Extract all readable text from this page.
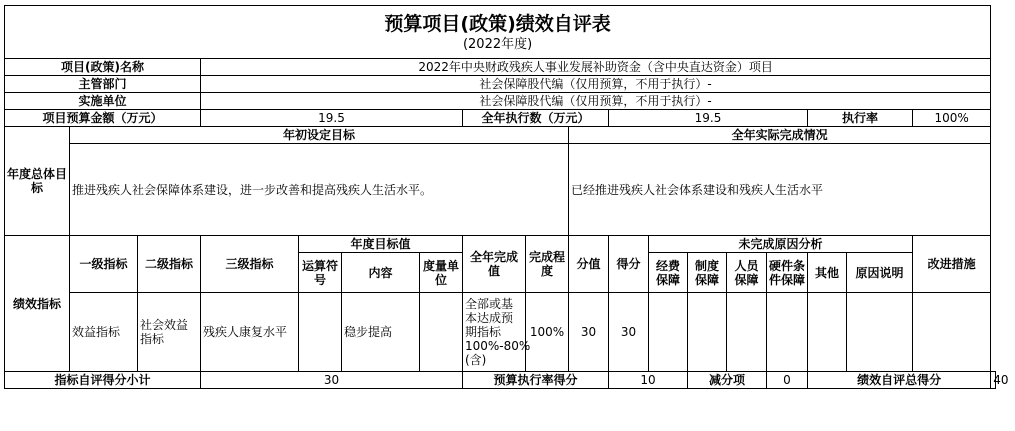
预算项目(政策)绩效自评表
(2022年度)																		

项目(政策)名称			2022年中央财政残疾人事业发展补助资金（含中央直达资金）项目															
主管部门			社会保障股代编（仅用预算，不用于执行）-															
实施单位			社会保障股代编（仅用预算，不用于执行）-															
项目预算金额（万元）			19.5				全年执行数（万元）			19.5					执行率		100%	
年度总体目标	年初设定目标								全年实际完成情况									
	推进残疾人社会保障体系建设，进一步改善和提高残疾人生活水平。								已经推进残疾人社会体系建设和残疾人生活水平									
绩效指标	一级指标	二级指标	三级指标	年度目标值			全年完成值	完成程度	分值	得分	未完成原因分析						改进措施	
				运算符号	内容	度量单位					经费保障	制度保障	人员保障	硬件条件保障	其他	原因说明		

	效益指标	社会效益指标	残疾人康复水平		稳步提高		全部或基本达成预期指标100%-80%(含)	100%	30	30								
指标自评得分小计			30				预算执行率得分			10		减分项		0	绩效自评总得分			40
